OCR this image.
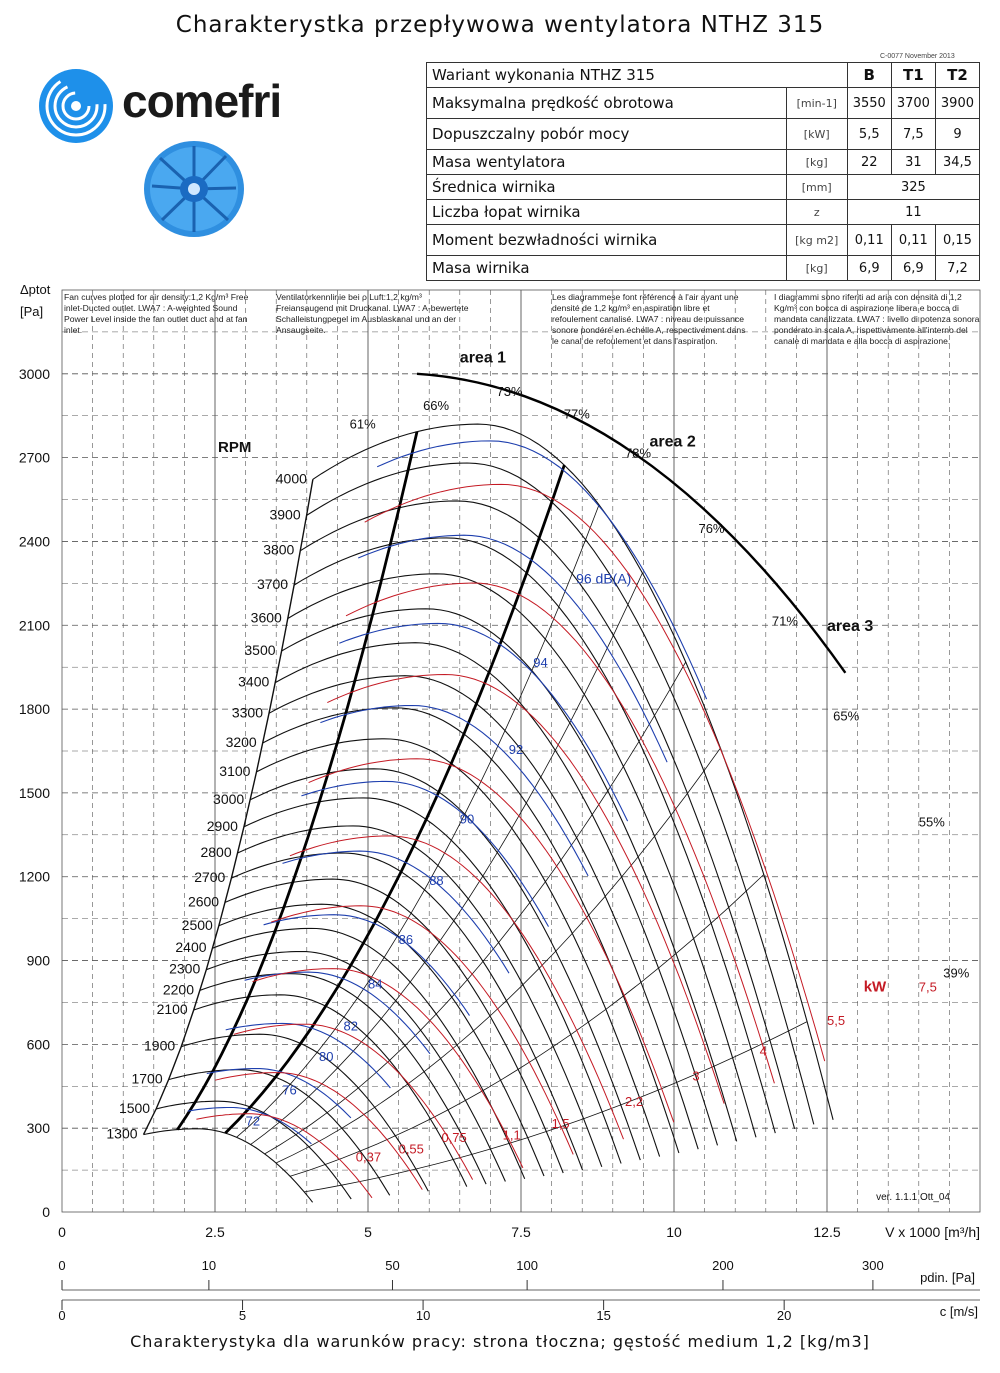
Charakterystka przepływowa wentylatora NTHZ 315
C-0077 November 2013
comefri	Wariant wykonania NTHZ 315		B	T1	T2
Maksymalna prędkość obrotowa	[min-1]	3550	3700	3900
Dopuszczalny pobór mocy	[kW]	5,5	7,5	9
Masa wentylatora	[kg]	22	31	34,5
Średnica wirnika	[mm]	325		
Liczba łopat wirnika	z	11		
Moment bezwładności wirnika	[kg m2]	0,11	0,11	0,15
Masa wirnika	[kg]	6,9	6,9	7,2
Fan curves plotted for air density:1,2 Kg/m³ Free inlet-Ducted outlet. LWA7 : A-weighted Sound Power Level inside the fan outlet duct and at fan inlet.
Ventilatorkennlinie bei ρ Luft:1,2 kg/m³ Freiansaugend mit Druckanal. LWA7 : A-bewertete Schalleistungpegel im Ausblaskanal und an der Ansaugseite.
Les diagrammese font référence à l'air ayant une densité de 1,2 kg/m³ en aspiration libre et refoulement canalisé. LWA7 : niveau de puissance sonore pondéré en échelle A, respectivement dans le canal de refoulement et dans l'aspiration.
I diagrammi sono riferiti ad aria con densità di 1,2 Kg/m³ con bocca di aspirazione libera e bocca di mandata canalizzata. LWA7 : livello di potenza sonora ponderato in scala A, rispettivamente all'interno del canale di mandata e alla bocca di aspirazione.
0
300
600
900
1200
1500
1800
2100
2400
2700
3000
0	2.5	5	7.5	10	12.5
Δptot
[Pa]
V x 1000 [m³/h]
4000
3900
3800
3700
3600
3500
3400
3300
3200
3100
3000
2900
2800
2700
2600
2500
2400
2300
2200
2100
1900
1700
1500
1300
RPM
61%
66%
73%
77%
78%
76%
71%
65%
55%
39%
96 dB(A)
94
92
90
88
86
84
82
80
76
72
0,37
0,55
0,75	1,1
1,5
2,2
3
4
5,5
7,5
kW
area 1
area 2
area 3
ver. 1.1.1 Ott_04
0	10	50	100	200	300
pdin. [Pa]
0	5	10	15	20	c [m/s]
Charakterystyka dla warunków pracy: strona tłoczna; gęstość medium 1,2 [kg/m3]
